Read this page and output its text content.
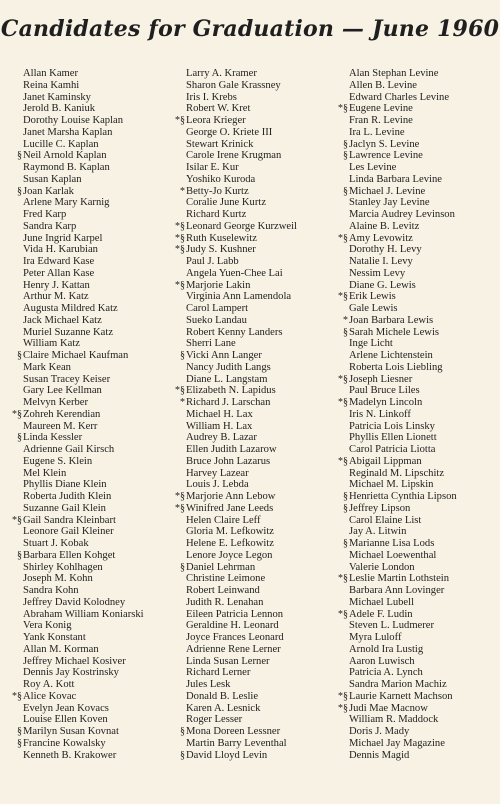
Candidates for Graduation — June 1960
Allan Kamer
Reina Kamhi
Janet Kaminsky
Jerold B. Kaniuk
Dorothy Louise Kaplan
Janet Marsha Kaplan
Lucille C. Kaplan
§ Neil Arnold Kaplan
Raymond B. Kaplan
Susan Kaplan
§ Joan Karlak
Arlene Mary Karnig
Fred Karp
Sandra Karp
June Ingrid Karpel
Vida H. Karubian
Ira Edward Kase
Peter Allan Kase
Henry J. Kattan
Arthur M. Katz
Augusta Mildred Katz
Jack Michael Katz
Muriel Suzanne Katz
William Katz
§ Claire Michael Kaufman
Mark Kean
Susan Tracey Keiser
Gary Lee Kellman
Melvyn Kerber
*§ Zohreh Kerendian
Maureen M. Kerr
§ Linda Kessler
Adrienne Gail Kirsch
Eugene S. Klein
Mel Klein
Phyllis Diane Klein
Roberta Judith Klein
Suzanne Gail Klein
*§ Gail Sandra Kleinbart
Leonore Gail Kleiner
Stuart J. Kobak
§ Barbara Ellen Kohget
Shirley Kohlhagen
Joseph M. Kohn
Sandra Kohn
Jeffrey David Kolodney
Abraham William Koniarski
Vera Konig
Yank Konstant
Allan M. Korman
Jeffrey Michael Kosiver
Dennis Jay Kostrinsky
Roy A. Kott
*§ Alice Kovac
Evelyn Jean Kovacs
Louise Ellen Koven
§ Marilyn Susan Kovnat
§ Francine Kowalsky
Kenneth B. Krakower
Larry A. Kramer
Sharon Gale Krassney
Iris I. Krebs
Robert W. Kret
*§ Leora Krieger
George O. Kriete III
Stewart Krinick
Carole Irene Krugman
Isilar E. Kur
Yoshiko Kuroda
* Betty-Jo Kurtz
Coralie June Kurtz
Richard Kurtz
*§ Leonard George Kurzweil
*§ Ruth Kuselewitz
*§ Judy S. Kushner
Paul J. Labb
Angela Yuen-Chee Lai
*§ Marjorie Lakin
Virginia Ann Lamendola
Carol Lampert
Sueko Landau
Robert Kenny Landers
Sherri Lane
§ Vicki Ann Langer
Nancy Judith Langs
Diane L. Langstam
*§ Elizabeth N. Lapidus
* Richard J. Larschan
Michael H. Lax
William H. Lax
Audrey B. Lazar
Ellen Judith Lazarow
Bruce John Lazarus
Harvey Lazear
Louis J. Lebda
*§ Marjorie Ann Lebow
*§ Winifred Jane Leeds
Helen Claire Leff
Gloria M. Lefkowitz
Helene E. Lefkowitz
Lenore Joyce Legon
§ Daniel Lehrman
Christine Leimone
Robert Leinwand
Judith R. Lenahan
Eileen Patricia Lennon
Geraldine H. Leonard
Joyce Frances Leonard
Adrienne Rene Lerner
Linda Susan Lerner
Richard Lerner
Jules Lesk
Donald B. Leslie
Karen A. Lesnick
Roger Lesser
§ Mona Doreen Lessner
Martin Barry Leventhal
§ David Lloyd Levin
Alan Stephan Levine
Allen B. Levine
Edward Charles Levine
*§ Eugene Levine
Fran R. Levine
Ira L. Levine
§ Jaclyn S. Levine
§ Lawrence Levine
Les Levine
Linda Barbara Levine
§ Michael J. Levine
Stanley Jay Levine
Marcia Audrey Levinson
Alaine B. Levitz
*§ Amy Levowitz
Dorothy H. Levy
Natalie I. Levy
Nessim Levy
Diane G. Lewis
*§ Erik Lewis
Gale Lewis
* Joan Barbara Lewis
§ Sarah Michele Lewis
Inge Licht
Arlene Lichtenstein
Roberta Lois Liebling
*§ Joseph Liesner
Paul Bruce Liles
*§ Madelyn Lincoln
Iris N. Linkoff
Patricia Lois Linsky
Phyllis Ellen Lionett
Carol Patricia Liotta
*§ Abigail Lippman
Reginald M. Lipschitz
Michael M. Lipskin
§ Henrietta Cynthia Lipson
§ Jeffrey Lipson
Carol Elaine List
Jay A. Litwin
§ Marianne Lisa Lods
Michael Loewenthal
Valerie London
*§ Leslie Martin Lothstein
Barbara Ann Lovinger
Michael Lubell
*§ Adele F. Ludin
Steven L. Ludmerer
Myra Luloff
Arnold Ira Lustig
Aaron Luwisch
Patricia A. Lynch
Sandra Marion Machiz
*§ Laurie Karnett Machson
*§ Judi Mae Macnow
William R. Maddock
Doris J. Mady
Michael Jay Magazine
Dennis Magid
